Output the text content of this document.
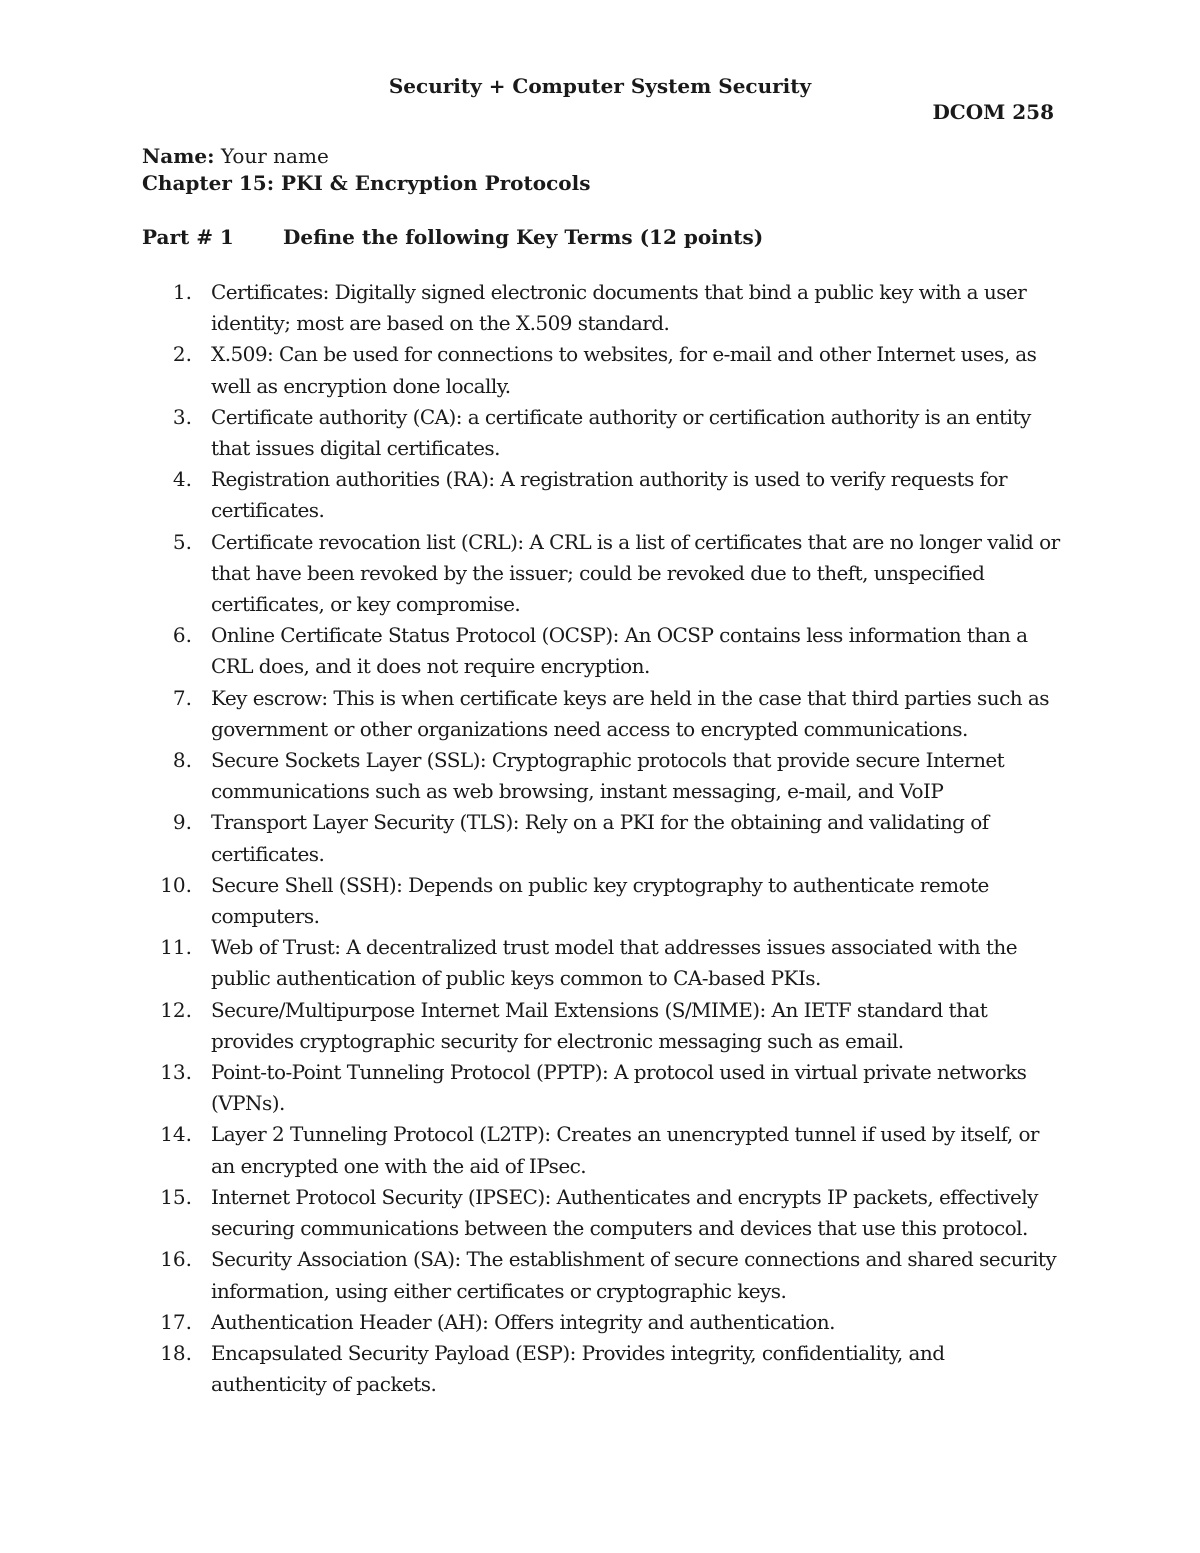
Security + Computer System Security
DCOM 258
Name: Your name
Chapter 15: PKI & Encryption Protocols
Part # 1	Define the following Key Terms (12 points)
1. Certificates: Digitally signed electronic documents that bind a public key with a user identity; most are based on the X.509 standard.
2. X.509: Can be used for connections to websites, for e-mail and other Internet uses, as well as encryption done locally.
3. Certificate authority (CA): a certificate authority or certification authority is an entity that issues digital certificates.
4. Registration authorities (RA): A registration authority is used to verify requests for certificates.
5. Certificate revocation list (CRL): A CRL is a list of certificates that are no longer valid or that have been revoked by the issuer; could be revoked due to theft, unspecified certificates, or key compromise.
6. Online Certificate Status Protocol (OCSP): An OCSP contains less information than a CRL does, and it does not require encryption.
7. Key escrow: This is when certificate keys are held in the case that third parties such as government or other organizations need access to encrypted communications.
8. Secure Sockets Layer (SSL): Cryptographic protocols that provide secure Internet communications such as web browsing, instant messaging, e-mail, and VoIP
9. Transport Layer Security (TLS): Rely on a PKI for the obtaining and validating of certificates.
10. Secure Shell (SSH): Depends on public key cryptography to authenticate remote computers.
11. Web of Trust: A decentralized trust model that addresses issues associated with the public authentication of public keys common to CA-based PKIs.
12. Secure/Multipurpose Internet Mail Extensions (S/MIME): An IETF standard that provides cryptographic security for electronic messaging such as email.
13. Point-to-Point Tunneling Protocol (PPTP): A protocol used in virtual private networks (VPNs).
14. Layer 2 Tunneling Protocol (L2TP): Creates an unencrypted tunnel if used by itself, or an encrypted one with the aid of IPsec.
15. Internet Protocol Security (IPSEC): Authenticates and encrypts IP packets, effectively securing communications between the computers and devices that use this protocol.
16. Security Association (SA): The establishment of secure connections and shared security information, using either certificates or cryptographic keys.
17. Authentication Header (AH): Offers integrity and authentication.
18. Encapsulated Security Payload (ESP): Provides integrity, confidentiality, and authenticity of packets.
